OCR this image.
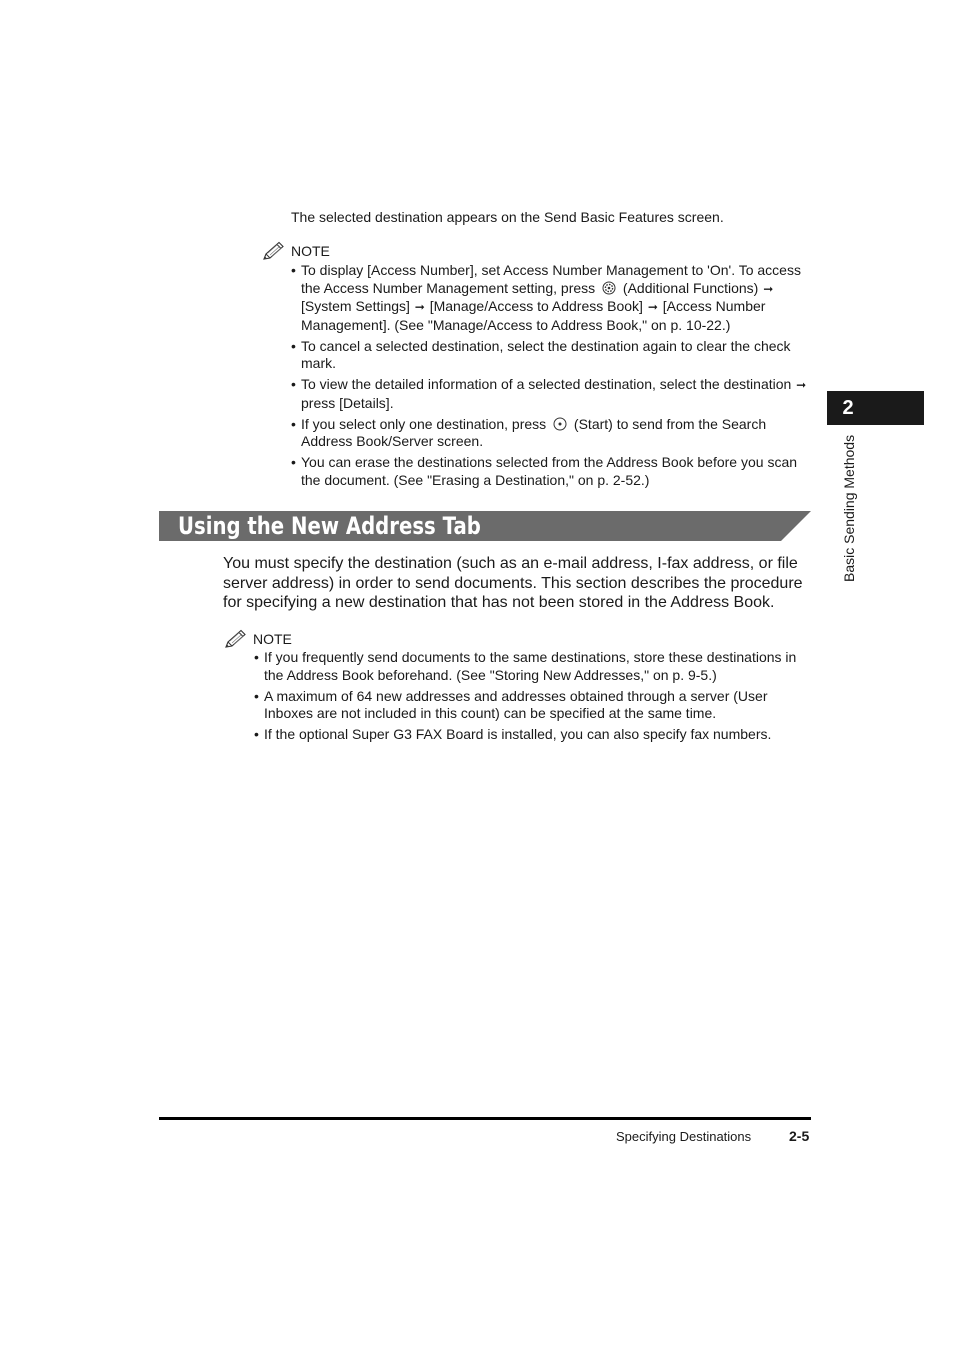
The selected destination appears on the Send Basic Features screen.
NOTE
• To display [Access Number], set Access Number Management to 'On'. To access the Access Number Management setting, press  (Additional Functions) ➞ [System Settings] ➞ [Manage/Access to Address Book] ➞ [Access Number Management]. (See "Manage/Access to Address Book," on p. 10-22.)
• To cancel a selected destination, select the destination again to clear the check mark.
• To view the detailed information of a selected destination, select the destination ➞ press [Details].
• If you select only one destination, press  (Start) to send from the Search Address Book/Server screen.
• You can erase the destinations selected from the Address Book before you scan the document. (See "Erasing a Destination," on p. 2-52.)
Using the New Address Tab
You must specify the destination (such as an e-mail address, I-fax address, or file server address) in order to send documents. This section describes the procedure for specifying a new destination that has not been stored in the Address Book.
NOTE
• If you frequently send documents to the same destinations, store these destinations in the Address Book beforehand. (See "Storing New Addresses," on p. 9-5.)
• A maximum of 64 new addresses and addresses obtained through a server (User Inboxes are not included in this count) can be specified at the same time.
• If the optional Super G3 FAX Board is installed, you can also specify fax numbers.
2
Basic Sending Methods
Specifying Destinations	2-5
